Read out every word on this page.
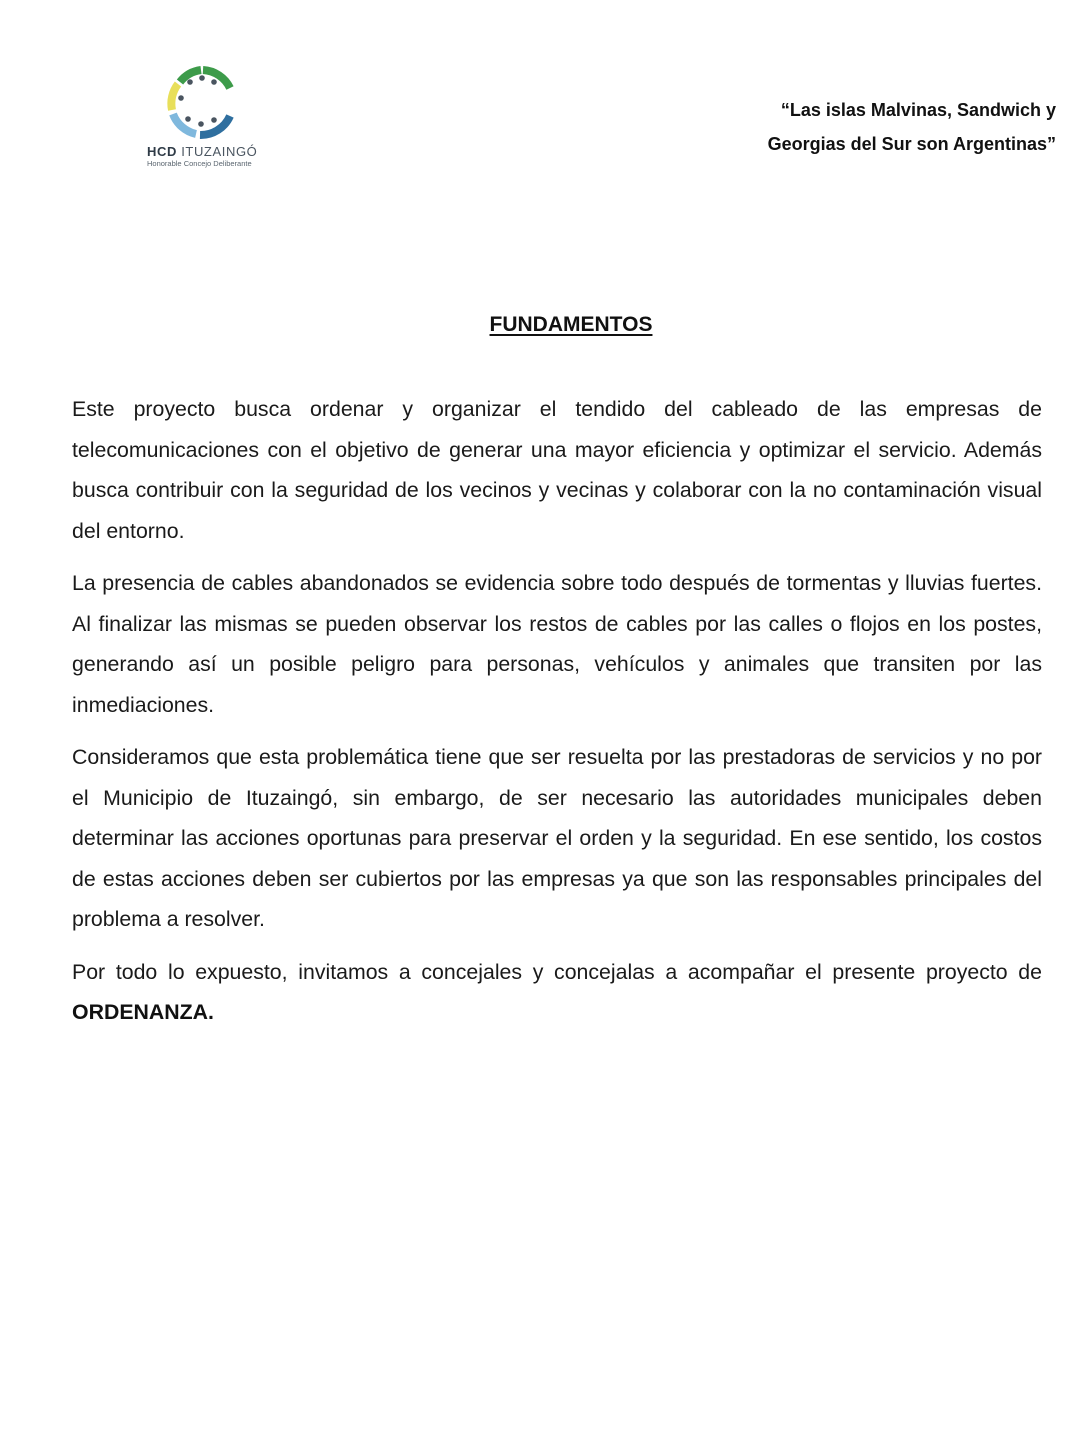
HCD ITUZAINGÓ
Honorable Concejo Deliberante
“Las islas Malvinas, Sandwich y
Georgias del Sur son Argentinas”
FUNDAMENTOS

Este proyecto busca ordenar y organizar el tendido del cableado de las empresas de telecomunicaciones con el objetivo de generar una mayor eficiencia y optimizar el servicio. Además busca contribuir con la seguridad de los vecinos y vecinas y colaborar con la no contaminación visual del entorno.

La presencia de cables abandonados se evidencia sobre todo después de tormentas y lluvias fuertes. Al finalizar las mismas se pueden observar los restos de cables por las calles o flojos en los postes, generando así un posible peligro para personas, vehículos y animales que transiten por las inmediaciones.

Consideramos que esta problemática tiene que ser resuelta por las prestadoras de servicios y no por el Municipio de Ituzaingó, sin embargo, de ser necesario las autoridades municipales deben determinar las acciones oportunas para preservar el orden y la seguridad. En ese sentido, los costos de estas acciones deben ser cubiertos por las empresas ya que son las responsables principales del problema a resolver.

Por todo lo expuesto, invitamos a concejales y concejalas a acompañar el presente proyecto de ORDENANZA.
